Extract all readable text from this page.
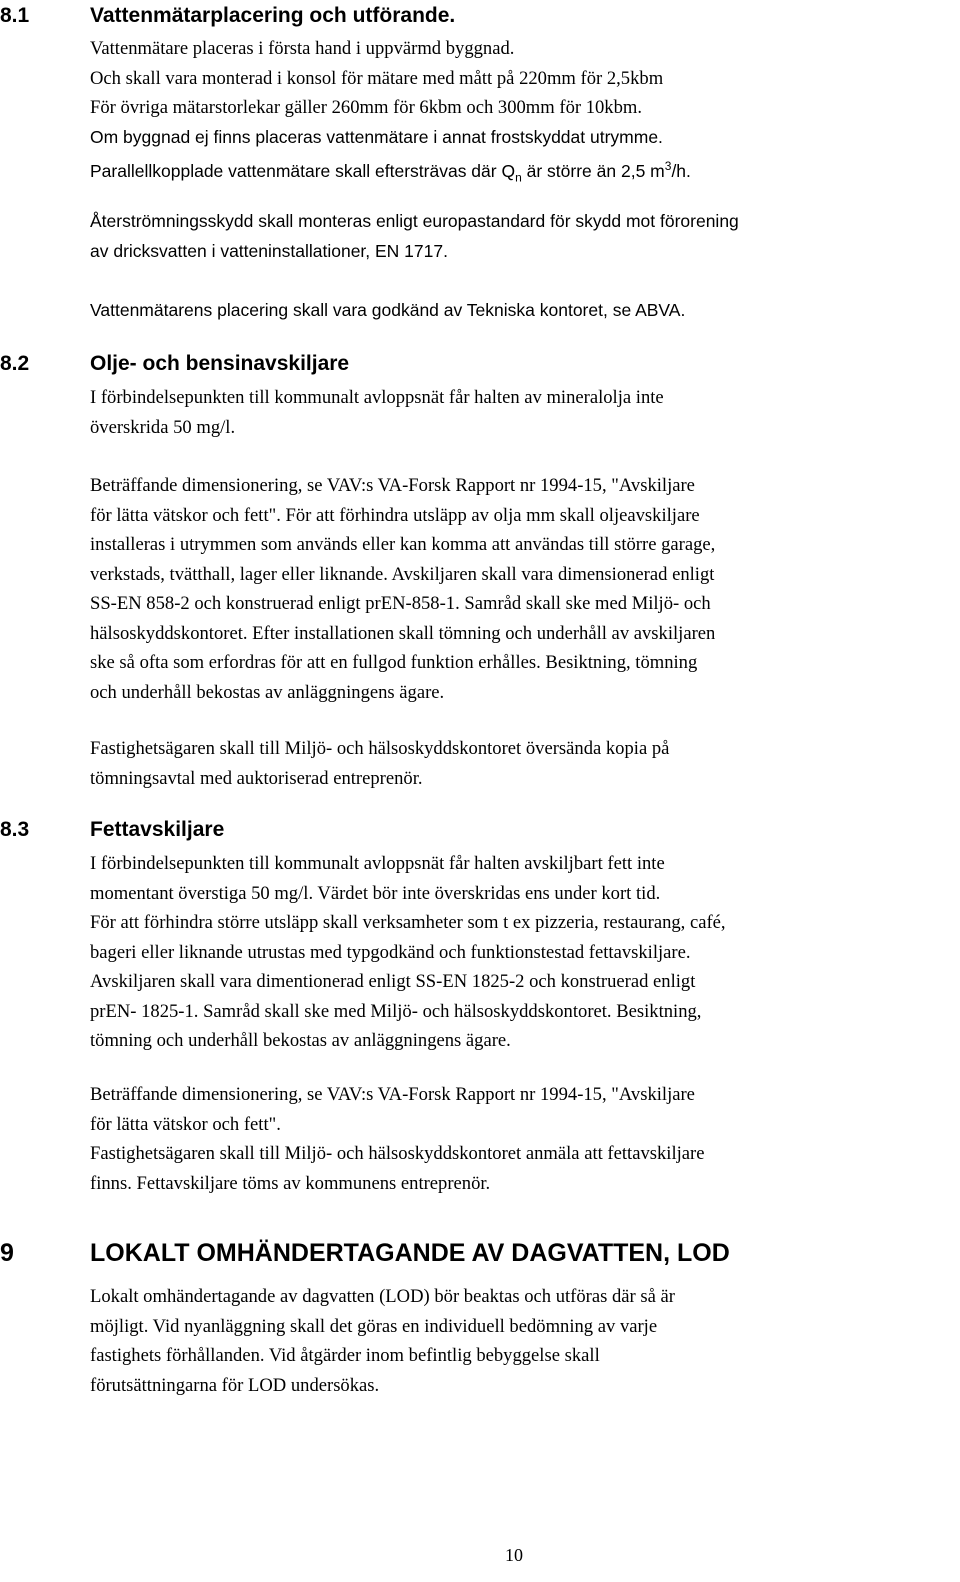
8.1	Vattenmätarplacering och utförande.
Vattenmätare placeras i första hand i uppvärmd byggnad.
Och skall vara monterad i konsol för mätare med mått på 220mm för 2,5kbm
För övriga mätarstorlekar gäller 260mm för 6kbm och 300mm för 10kbm.
Om byggnad ej finns placeras vattenmätare i annat frostskyddat utrymme.
Parallellkopplade vattenmätare skall eftersträvas där $Q_n$ är större än 2,5 $m^3/h$.
Återströmningsskydd skall monteras enligt europastandard för skydd mot förorening
av dricksvatten i vatteninstallationer, EN 1717.
Vattenmätarens placering skall vara godkänd av Tekniska kontoret, se ABVA.
8.2	Olje- och bensinavskiljare
I förbindelsepunkten till kommunalt avloppsnät får halten av mineralolja inte
överskrida 50 mg/l.
Beträffande dimensionering, se VAV:s VA-Forsk Rapport nr 1994-15, "Avskiljare
för lätta vätskor och fett". För att förhindra utsläpp av olja mm skall oljeavskiljare
installeras i utrymmen som används eller kan komma att användas till större garage,
verkstads, tvätthall, lager eller liknande. Avskiljaren skall vara dimensionerad enligt
SS-EN 858-2 och konstruerad enligt prEN-858-1. Samråd skall ske med Miljö- och
hälsoskyddskontoret. Efter installationen skall tömning och underhåll av avskiljaren
ske så ofta som erfordras för att en fullgod funktion erhålles. Besiktning, tömning
och underhåll bekostas av anläggningens ägare.
Fastighetsägaren skall till Miljö- och hälsoskyddskontoret översända kopia på
tömningsavtal med auktoriserad entreprenör.
8.3	Fettavskiljare
I förbindelsepunkten till kommunalt avloppsnät får halten avskiljbart fett inte
momentant överstiga 50 mg/l. Värdet bör inte överskridas ens under kort tid.
För att förhindra större utsläpp skall verksamheter som t ex pizzeria, restaurang, café,
bageri eller liknande utrustas med typgodkänd och funktionstestad fettavskiljare.
Avskiljaren skall vara dimentionerad enligt SS-EN 1825-2 och konstruerad enligt
prEN- 1825-1. Samråd skall ske med Miljö- och hälsoskyddskontoret. Besiktning,
tömning och underhåll bekostas av anläggningens ägare.
Beträffande dimensionering, se VAV:s VA-Forsk Rapport nr 1994-15, "Avskiljare
för lätta vätskor och fett".
Fastighetsägaren skall till Miljö- och hälsoskyddskontoret anmäla att fettavskiljare
finns. Fettavskiljare töms av kommunens entreprenör.
9	LOKALT OMHÄNDERTAGANDE AV DAGVATTEN, LOD
Lokalt omhändertagande av dagvatten (LOD) bör beaktas och utföras där så är
möjligt. Vid nyanläggning skall det göras en individuell bedömning av varje
fastighets förhållanden. Vid åtgärder inom befintlig bebyggelse skall
förutsättningarna för LOD undersökas.
10
